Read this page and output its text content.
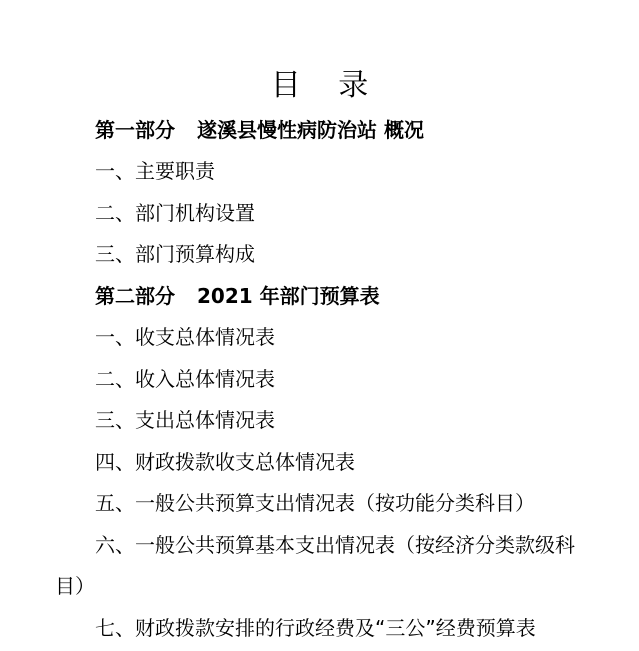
目 录
第一部分 遂溪县慢性病防治站 概况
一、主要职责
二、部门机构设置
三、部门预算构成
第二部分 2021 年部门预算表
一、收支总体情况表
二、收入总体情况表
三、支出总体情况表
四、财政拨款收支总体情况表
五、一般公共预算支出情况表（按功能分类科目）
六、一般公共预算基本支出情况表（按经济分类款级科
目）
七、财政拨款安排的行政经费及“三公”经费预算表
